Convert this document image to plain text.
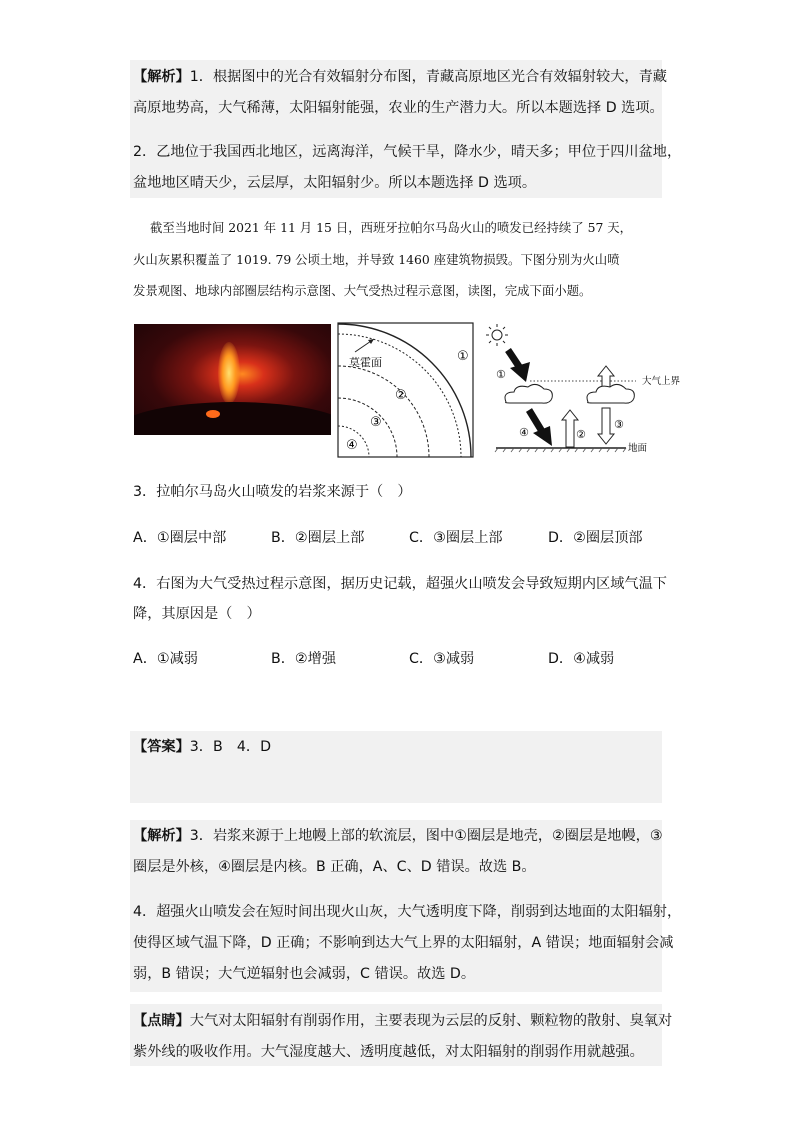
【解析】1．根据图中的光合有效辐射分布图，青藏高原地区光合有效辐射较大，青藏
高原地势高，大气稀薄，太阳辐射能强，农业的生产潜力大。所以本题选择 D 选项。
2．乙地位于我国西北地区，远离海洋，气候干旱，降水少，晴天多；甲位于四川盆地，
盆地地区晴天少，云层厚，太阳辐射少。所以本题选择 D 选项。
截至当地时间 2021 年 11 月 15 日，西班牙拉帕尔马岛火山的喷发已经持续了 57 天，
火山灰累积覆盖了 1019. 79 公顷土地，并导致 1460 座建筑物损毁。下图分别为火山喷
发景观图、地球内部圈层结构示意图、大气受热过程示意图，读图，完成下面小题。
莫霍面	①
②
③
④
大气上界
①
④
地面
②
③
3．拉帕尔马岛火山喷发的岩浆来源于（　）
A．①圈层中部	B．②圈层上部	C．③圈层上部	D．②圈层顶部
4．右图为大气受热过程示意图，据历史记载，超强火山喷发会导致短期内区域气温下
降，其原因是（　）
A．①减弱	B．②增强	C．③减弱	D．④减弱
【答案】3．B　4．D
【解析】3．岩浆来源于上地幔上部的软流层，图中①圈层是地壳，②圈层是地幔，③
圈层是外核，④圈层是内核。B 正确，A、C、D 错误。故选 B。
4．超强火山喷发会在短时间出现火山灰，大气透明度下降，削弱到达地面的太阳辐射，
使得区域气温下降，D 正确；不影响到达大气上界的太阳辐射，A 错误；地面辐射会减
弱，B 错误；大气逆辐射也会减弱，C 错误。故选 D。
【点睛】大气对太阳辐射有削弱作用，主要表现为云层的反射、颗粒物的散射、臭氧对
紫外线的吸收作用。大气湿度越大、透明度越低，对太阳辐射的削弱作用就越强。
